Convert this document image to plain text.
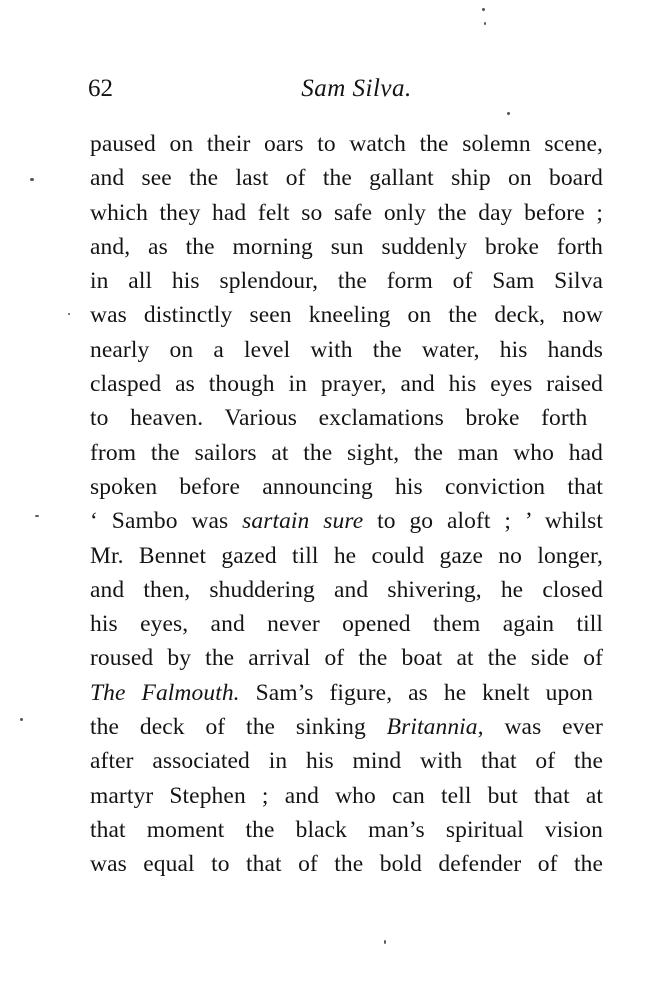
62	Sam Silva.
paused on their oars to watch the solemn scene,
and see the last of the gallant ship on board
which they had felt so safe only the day before ;
and, as the morning sun suddenly broke forth
in all his splendour, the form of Sam Silva
was distinctly seen kneeling on the deck, now
nearly on a level with the water, his hands
clasped as though in prayer, and his eyes raised
to heaven. Various exclamations broke forth
from the sailors at the sight, the man who had
spoken before announcing his conviction that
‘ Sambo was sartain sure to go aloft ; ’ whilst
Mr. Bennet gazed till he could gaze no longer,
and then, shuddering and shivering, he closed
his eyes, and never opened them again till
roused by the arrival of the boat at the side of
The Falmouth. Sam’s figure, as he knelt upon
the deck of the sinking Britannia, was ever
after associated in his mind with that of the
martyr Stephen ; and who can tell but that at
that moment the black man’s spiritual vision
was equal to that of the bold defender of the
